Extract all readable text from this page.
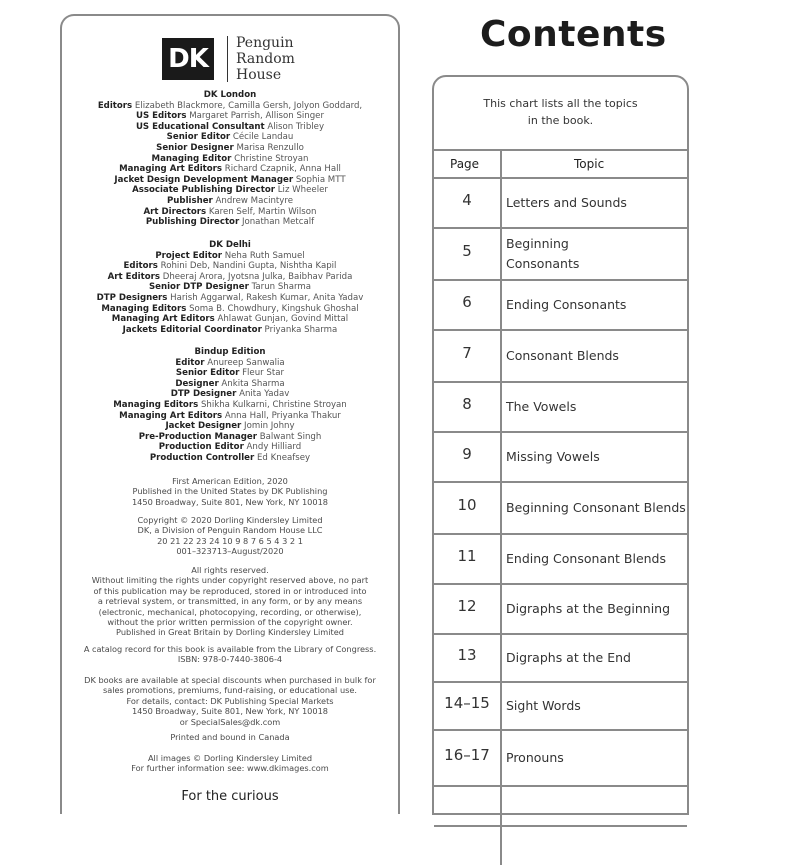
DK
Penguin
Random
House
DK London
Editors Elizabeth Blackmore, Camilla Gersh, Jolyon Goddard,
US Editors Margaret Parrish, Allison Singer
US Educational Consultant Alison Tribley
Senior Editor Cécile Landau
Senior Designer Marisa Renzullo
Managing Editor Christine Stroyan
Managing Art Editors Richard Czapnik, Anna Hall
Jacket Design Development Manager Sophia MTT
Associate Publishing Director Liz Wheeler
Publisher Andrew Macintyre
Art Directors Karen Self, Martin Wilson
Publishing Director Jonathan Metcalf
DK Delhi
Project Editor Neha Ruth Samuel
Editors Rohini Deb, Nandini Gupta, Nishtha Kapil
Art Editors Dheeraj Arora, Jyotsna Julka, Baibhav Parida
Senior DTP Designer Tarun Sharma
DTP Designers Harish Aggarwal, Rakesh Kumar, Anita Yadav
Managing Editors Soma B. Chowdhury, Kingshuk Ghoshal
Managing Art Editors Ahlawat Gunjan, Govind Mittal
Jackets Editorial Coordinator Priyanka Sharma
Bindup Edition
Editor Anureep Sanwalia
Senior Editor Fleur Star
Designer Ankita Sharma
DTP Designer Anita Yadav
Managing Editors Shikha Kulkarni, Christine Stroyan
Managing Art Editors Anna Hall, Priyanka Thakur
Jacket Designer Jomin Johny
Pre-Production Manager Balwant Singh
Production Editor Andy Hilliard
Production Controller Ed Kneafsey
First American Edition, 2020
Published in the United States by DK Publishing
1450 Broadway, Suite 801, New York, NY 10018
Copyright © 2020 Dorling Kindersley Limited
DK, a Division of Penguin Random House LLC
20 21 22 23 24 10 9 8 7 6 5 4 3 2 1
001–323713–August/2020
All rights reserved.
Without limiting the rights under copyright reserved above, no part
of this publication may be reproduced, stored in or introduced into
a retrieval system, or transmitted, in any form, or by any means
(electronic, mechanical, photocopying, recording, or otherwise),
without the prior written permission of the copyright owner.
Published in Great Britain by Dorling Kindersley Limited
A catalog record for this book is available from the Library of Congress.
ISBN: 978-0-7440-3806-4
DK books are available at special discounts when purchased in bulk for
sales promotions, premiums, fund-raising, or educational use.
For details, contact: DK Publishing Special Markets
1450 Broadway, Suite 801, New York, NY 10018
or SpecialSales@dk.com
Printed and bound in Canada
All images © Dorling Kindersley Limited
For further information see: www.dkimages.com
For the curious
Contents
This chart lists all the topics
in the book.
Page	Topic
4	Letters and Sounds
5	Beginning
Consonants
6	Ending Consonants
7	Consonant Blends
8	The Vowels
9	Missing Vowels
10	Beginning Consonant Blends
11	Ending Consonant Blends
12	Digraphs at the Beginning
13	Digraphs at the End
14–15	Sight Words
16–17	Pronouns
